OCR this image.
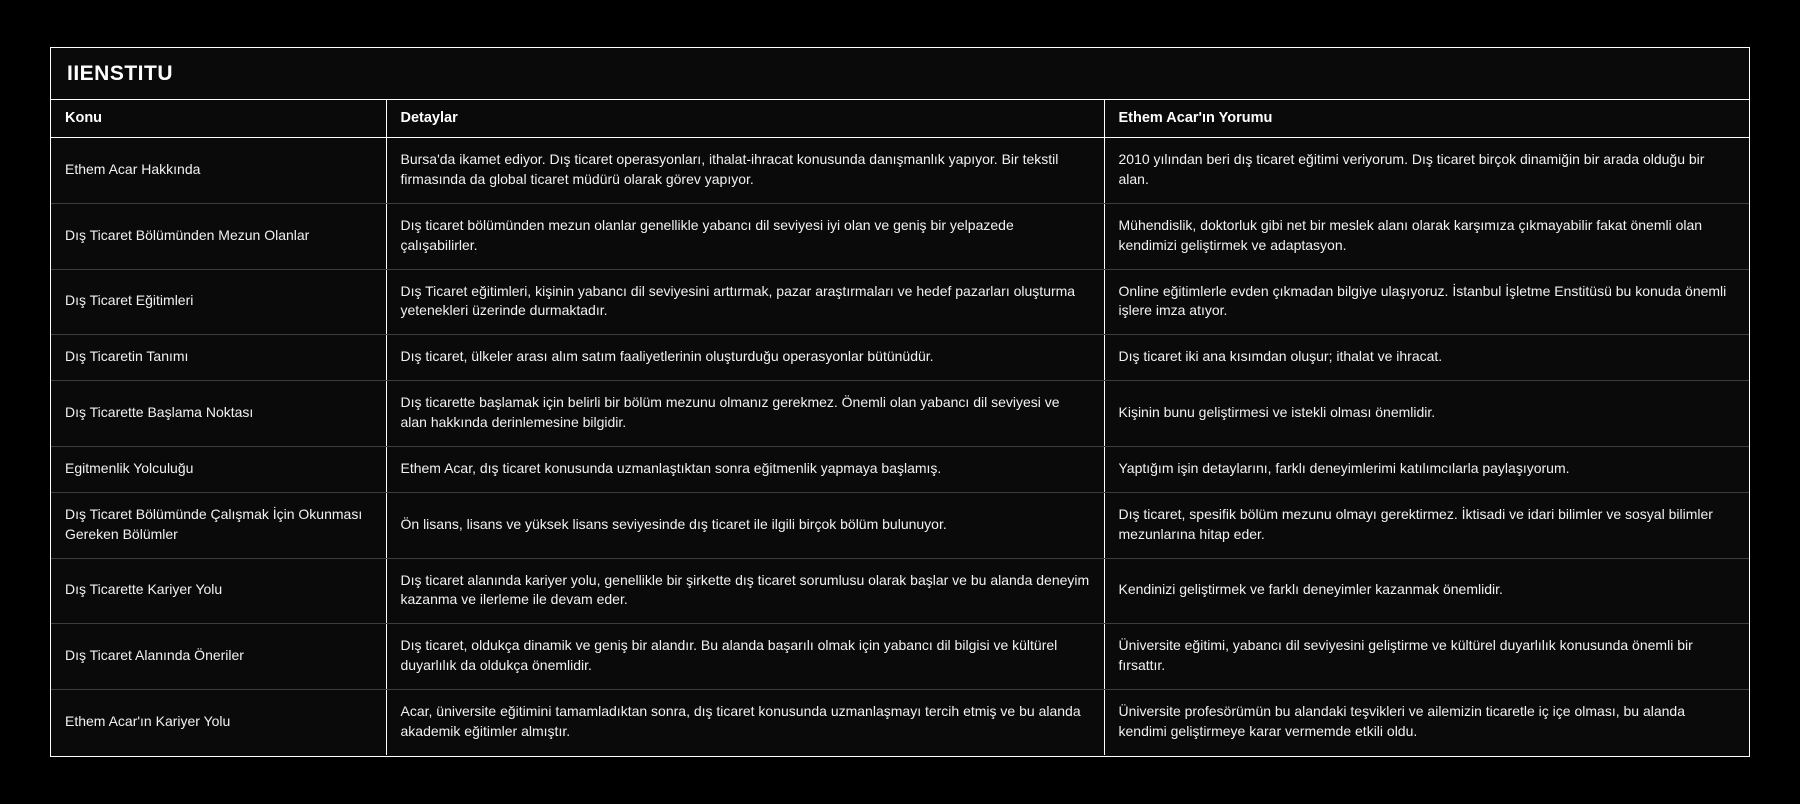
IIENSTITU
Konu	Detaylar	Ethem Acar'ın Yorumu
Ethem Acar Hakkında	Bursa'da ikamet ediyor. Dış ticaret operasyonları, ithalat-ihracat konusunda danışmanlık yapıyor. Bir tekstil firmasında da global ticaret müdürü olarak görev yapıyor.	2010 yılından beri dış ticaret eğitimi veriyorum. Dış ticaret birçok dinamiğin bir arada olduğu bir alan.
Dış Ticaret Bölümünden Mezun Olanlar	Dış ticaret bölümünden mezun olanlar genellikle yabancı dil seviyesi iyi olan ve geniş bir yelpazede çalışabilirler.	Mühendislik, doktorluk gibi net bir meslek alanı olarak karşımıza çıkmayabilir fakat önemli olan kendimizi geliştirmek ve adaptasyon.
Dış Ticaret Eğitimleri	Dış Ticaret eğitimleri, kişinin yabancı dil seviyesini arttırmak, pazar araştırmaları ve hedef pazarları oluşturma yetenekleri üzerinde durmaktadır.	Online eğitimlerle evden çıkmadan bilgiye ulaşıyoruz. İstanbul İşletme Enstitüsü bu konuda önemli işlere imza atıyor.
Dış Ticaretin Tanımı	Dış ticaret, ülkeler arası alım satım faaliyetlerinin oluşturduğu operasyonlar bütünüdür.	Dış ticaret iki ana kısımdan oluşur; ithalat ve ihracat.
Dış Ticarette Başlama Noktası	Dış ticarette başlamak için belirli bir bölüm mezunu olmanız gerekmez. Önemli olan yabancı dil seviyesi ve alan hakkında derinlemesine bilgidir.	Kişinin bunu geliştirmesi ve istekli olması önemlidir.
Egitmenlik Yolculuğu	Ethem Acar, dış ticaret konusunda uzmanlaştıktan sonra eğitmenlik yapmaya başlamış.	Yaptığım işin detaylarını, farklı deneyimlerimi katılımcılarla paylaşıyorum.
Dış Ticaret Bölümünde Çalışmak İçin Okunması Gereken Bölümler	Ön lisans, lisans ve yüksek lisans seviyesinde dış ticaret ile ilgili birçok bölüm bulunuyor.	Dış ticaret, spesifik bölüm mezunu olmayı gerektirmez. İktisadi ve idari bilimler ve sosyal bilimler mezunlarına hitap eder.
Dış Ticarette Kariyer Yolu	Dış ticaret alanında kariyer yolu, genellikle bir şirkette dış ticaret sorumlusu olarak başlar ve bu alanda deneyim kazanma ve ilerleme ile devam eder.	Kendinizi geliştirmek ve farklı deneyimler kazanmak önemlidir.
Dış Ticaret Alanında Öneriler	Dış ticaret, oldukça dinamik ve geniş bir alandır. Bu alanda başarılı olmak için yabancı dil bilgisi ve kültürel duyarlılık da oldukça önemlidir.	Üniversite eğitimi, yabancı dil seviyesini geliştirme ve kültürel duyarlılık konusunda önemli bir fırsattır.
Ethem Acar'ın Kariyer Yolu	Acar, üniversite eğitimini tamamladıktan sonra, dış ticaret konusunda uzmanlaşmayı tercih etmiş ve bu alanda akademik eğitimler almıştır.	Üniversite profesörümün bu alandaki teşvikleri ve ailemizin ticaretle iç içe olması, bu alanda kendimi geliştirmeye karar vermemde etkili oldu.
